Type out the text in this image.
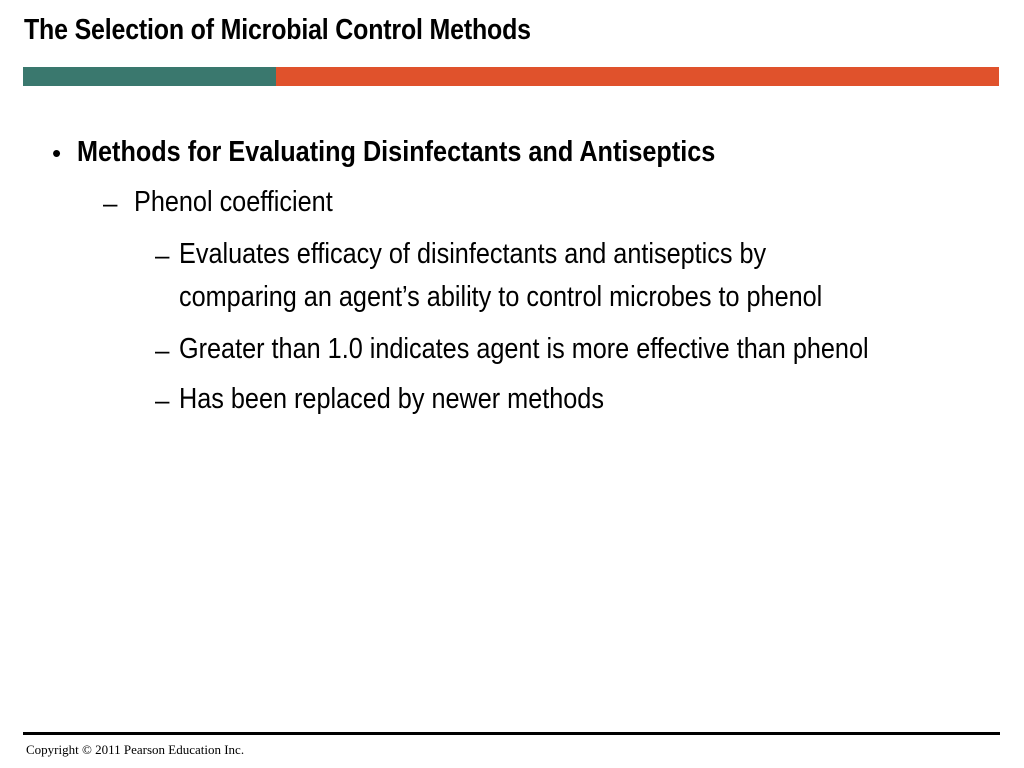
The Selection of Microbial Control Methods
• Methods for Evaluating Disinfectants and Antiseptics
– Phenol coefficient
– Evaluates efficacy of disinfectants and antiseptics by
comparing an agent’s ability to control microbes to phenol
– Greater than 1.0 indicates agent is more effective than phenol
– Has been replaced by newer methods
Copyright © 2011 Pearson Education Inc.
